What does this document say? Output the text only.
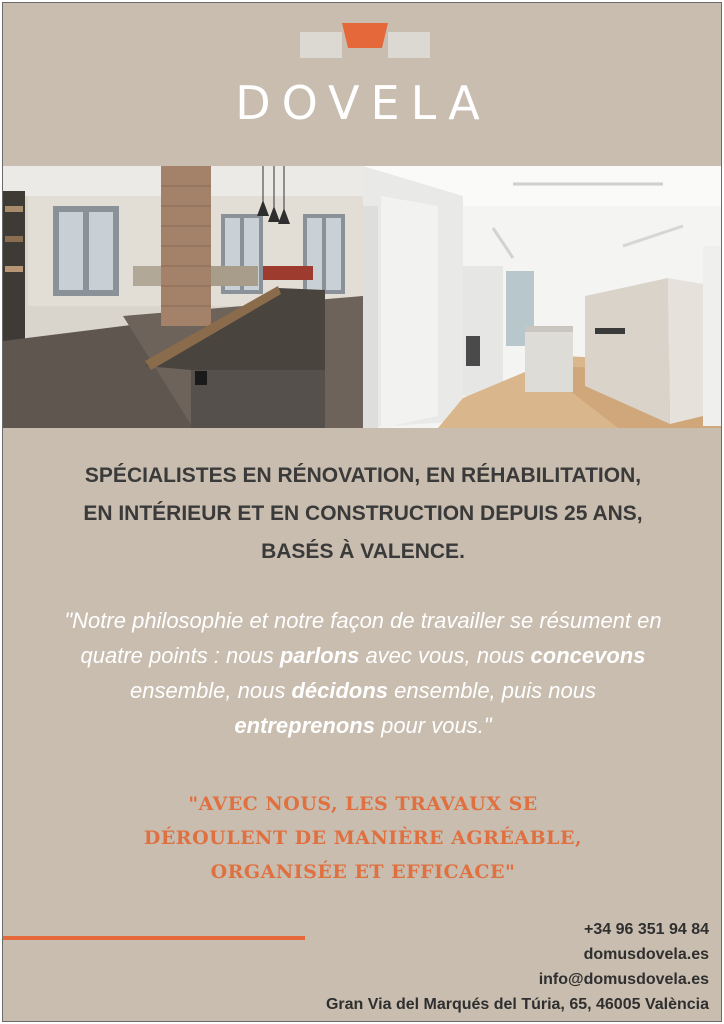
DOVELA
SPÉCIALISTES EN RÉNOVATION, EN RÉHABILITATION,
EN INTÉRIEUR ET EN CONSTRUCTION DEPUIS 25 ANS,
BASÉS À VALENCE.
"Notre philosophie et notre façon de travailler se résument en
quatre points : nous parlons avec vous, nous concevons
ensemble, nous décidons ensemble, puis nous
entreprenons pour vous."
"AVEC NOUS, LES TRAVAUX SE
DÉROULENT DE MANIÈRE AGRÉABLE,
ORGANISÉE ET EFFICACE"
+34 96 351 94 84
domusdovela.es
info@domusdovela.es
Gran Via del Marqués del Túria, 65, 46005 València
